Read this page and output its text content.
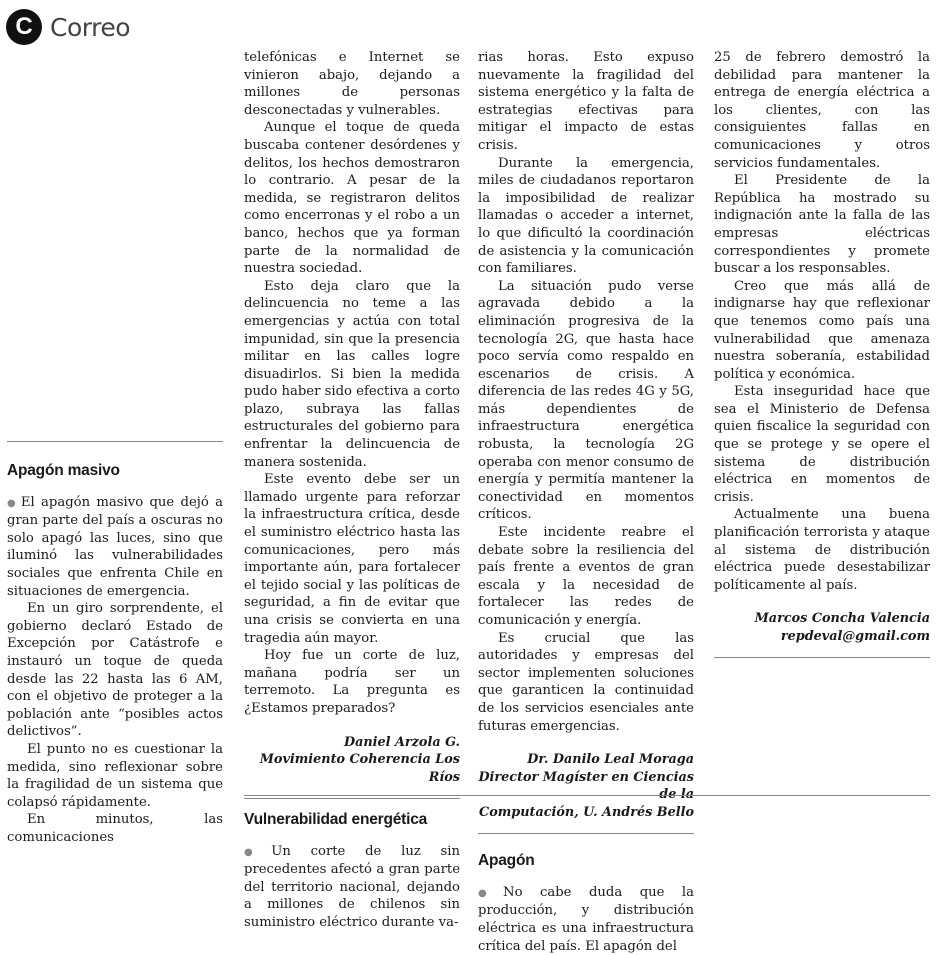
C Correo
Apagón masivo

● El apagón masivo que dejó a gran parte del país a oscuras no solo apagó las luces, sino que iluminó las vulnerabilidades sociales que enfrenta Chile en situaciones de emergencia.

En un giro sorprendente, el gobierno declaró Estado de Excepción por Catástrofe e instauró un toque de queda desde las 22 hasta las 6 AM, con el objetivo de proteger a la población ante “posibles actos delictivos”.

El punto no es cuestionar la medida, sino reflexionar sobre la fragilidad de un sistema que colapsó rápidamente.

En minutos, las comunicaciones

telefónicas e Internet se vinieron abajo, dejando a millones de personas desconectadas y vulnerables.

Aunque el toque de queda buscaba contener desórdenes y delitos, los hechos demostraron lo contrario. A pesar de la medida, se registraron delitos como encerronas y el robo a un banco, hechos que ya forman parte de la normalidad de nuestra sociedad.

Esto deja claro que la delincuencia no teme a las emergencias y actúa con total impunidad, sin que la presencia militar en las calles logre disuadirlos. Si bien la medida pudo haber sido efectiva a corto plazo, subraya las fallas estructurales del gobierno para enfrentar la delincuencia de manera sostenida.

Este evento debe ser un llamado urgente para reforzar la infraestructura crítica, desde el suministro eléctrico hasta las comunicaciones, pero más importante aún, para fortalecer el tejido social y las políticas de seguridad, a fin de evitar que una crisis se convierta en una tragedia aún mayor.

Hoy fue un corte de luz, mañana podría ser un terremoto. La pregunta es ¿Estamos preparados?

Daniel Arzola G.
Movimiento Coherencia Los Ríos
Vulnerabilidad energética

● Un corte de luz sin precedentes afectó a gran parte del territorio nacional, dejando a millones de chilenos sin suministro eléctrico durante va-

rias horas. Esto expuso nuevamente la fragilidad del sistema energético y la falta de estrategias efectivas para mitigar el impacto de estas crisis.

Durante la emergencia, miles de ciudadanos reportaron la imposibilidad de realizar llamadas o acceder a internet, lo que dificultó la coordinación de asistencia y la comunicación con familiares.

La situación pudo verse agravada debido a la eliminación progresiva de la tecnología 2G, que hasta hace poco servía como respaldo en escenarios de crisis. A diferencia de las redes 4G y 5G, más dependientes de infraestructura energética robusta, la tecnología 2G operaba con menor consumo de energía y permitía mantener la conectividad en momentos críticos.

Este incidente reabre el debate sobre la resiliencia del país frente a eventos de gran escala y la necesidad de fortalecer las redes de comunicación y energía.

Es crucial que las autoridades y empresas del sector implementen soluciones que garanticen la continuidad de los servicios esenciales ante futuras emergencias.

Dr. Danilo Leal Moraga
Director Magíster en Ciencias de la
Computación, U. Andrés Bello
Apagón

● No cabe duda que la producción, y distribución eléctrica es una infraestructura crítica del país. El apagón del

25 de febrero demostró la debilidad para mantener la entrega de energía eléctrica a los clientes, con las consiguientes fallas en comunicaciones y otros servicios fundamentales.

El Presidente de la República ha mostrado su indignación ante la falla de las empresas eléctricas correspondientes y promete buscar a los responsables.

Creo que más allá de indignarse hay que reflexionar que tenemos como país una vulnerabilidad que amenaza nuestra soberanía, estabilidad política y económica.

Esta inseguridad hace que sea el Ministerio de Defensa quien fiscalice la seguridad con que se protege y se opere el sistema de distribución eléctrica en momentos de crisis.

Actualmente una buena planificación terrorista y ataque al sistema de distribución eléctrica puede desestabilizar políticamente al país.

Marcos Concha Valencia
repdeval@gmail.com
